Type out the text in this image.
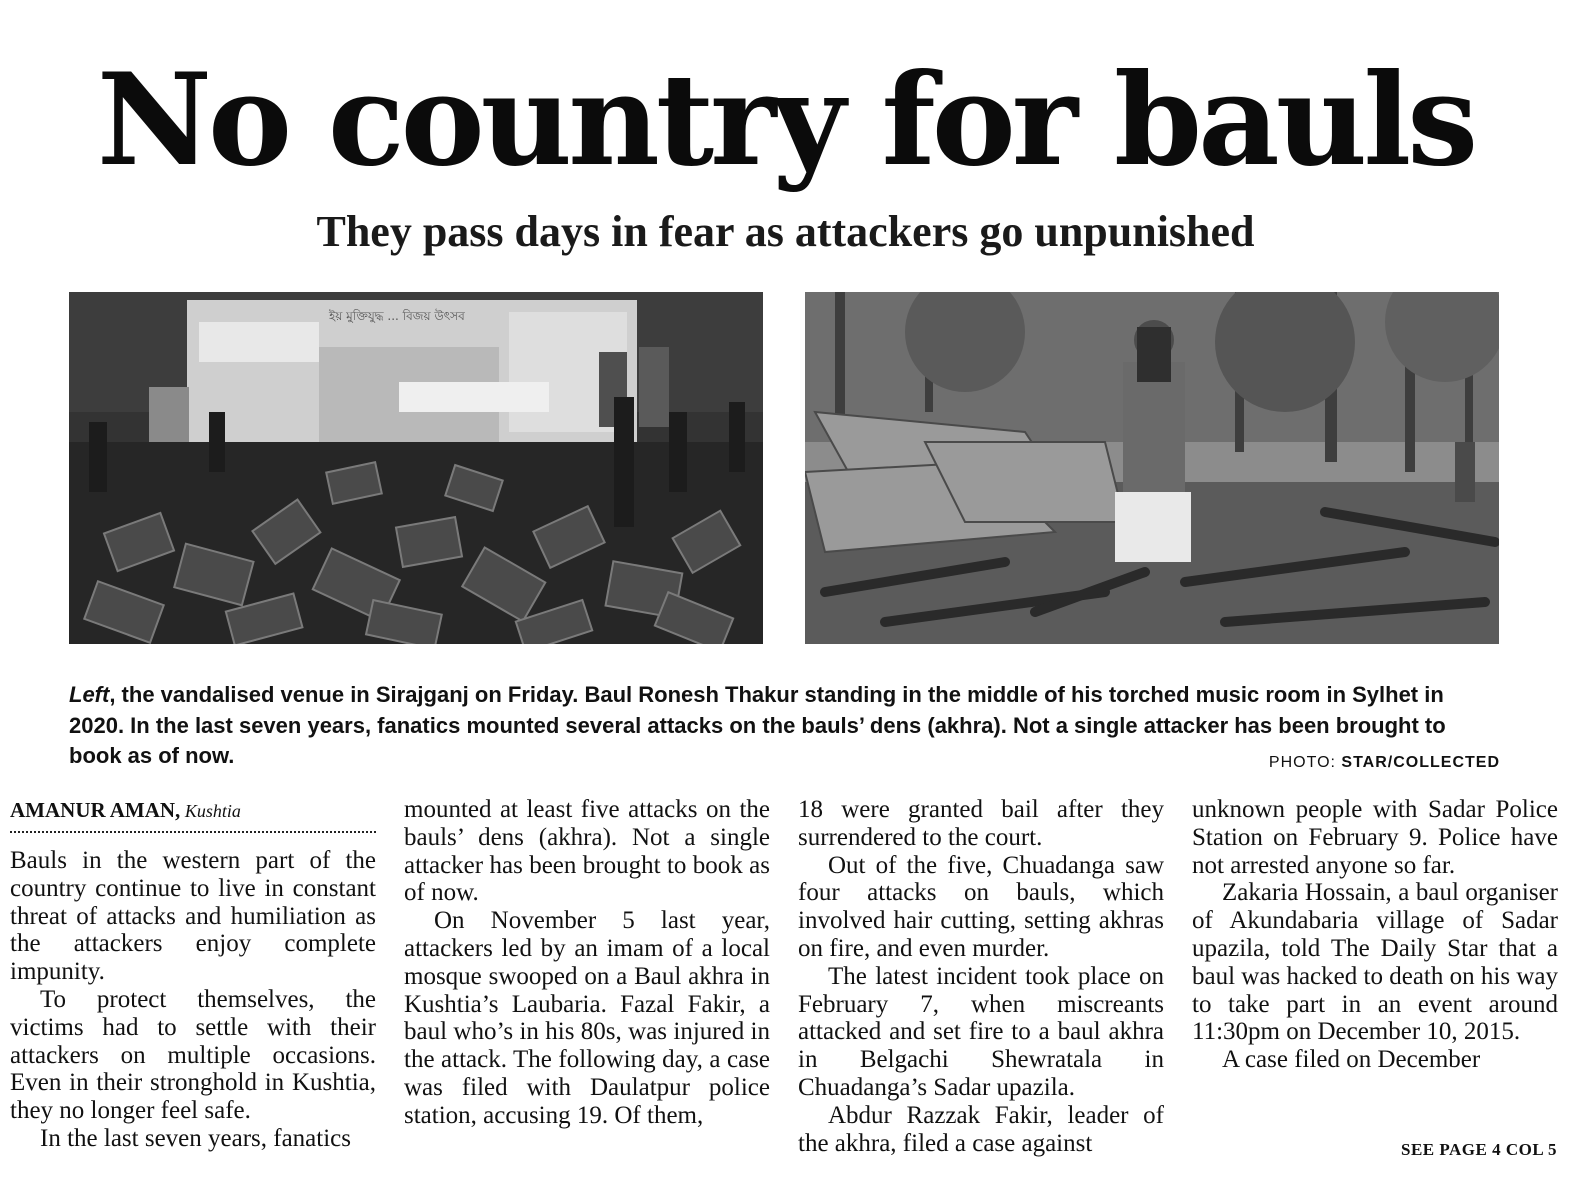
No country for bauls
They pass days in fear as attackers go unpunished
ইয় মুক্তিযুদ্ধ ... বিজয় উৎসব

Left, the vandalised venue in Sirajganj on Friday. Baul Ronesh Thakur standing in the middle of his torched music room in Sylhet in 2020. In the last seven years, fanatics mounted several attacks on the bauls’ dens (akhra). Not a single attacker has been brought to book as of now.	PHOTO: STAR/COLLECTED
AMANUR AMAN, Kushtia

Bauls in the western part of the country continue to live in constant threat of attacks and humiliation as the attackers enjoy complete impunity.

To protect themselves, the victims had to settle with their attackers on multiple occasions. Even in their stronghold in Kushtia, they no longer feel safe.

In the last seven years, fanatics

mounted at least five attacks on the bauls’ dens (akhra). Not a single attacker has been brought to book as of now.

On November 5 last year, attackers led by an imam of a local mosque swooped on a Baul akhra in Kushtia’s Laubaria. Fazal Fakir, a baul who’s in his 80s, was injured in the attack. The following day, a case was filed with Daulatpur police station, accusing 19. Of them,

18 were granted bail after they surrendered to the court.

Out of the five, Chuadanga saw four attacks on bauls, which involved hair cutting, setting akhras on fire, and even murder.

The latest incident took place on February 7, when miscreants attacked and set fire to a baul akhra in Belgachi Shewratala in Chuadanga’s Sadar upazila.

Abdur Razzak Fakir, leader of the akhra, filed a case against

unknown people with Sadar Police Station on February 9. Police have not arrested anyone so far.

Zakaria Hossain, a baul organiser of Akundabaria village of Sadar upazila, told The Daily Star that a baul was hacked to death on his way to take part in an event around 11:30pm on December 10, 2015.

A case filed on December

SEE PAGE 4 COL 5
